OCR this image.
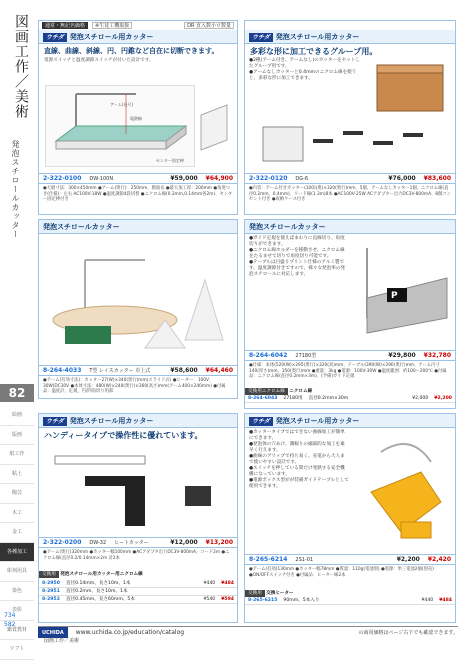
図画工作／美術
発泡スチロールカッター
82
絵画
版画
紙工作
粘土
陶芸
木工
金工
各種加工
彫刻用具
染色
表彰
鑑賞教材
ソフト
734
582
通常・無記名価格	※生徒工機取扱	DR 直入数小ロ数量
ウチダ 発泡スチロール用カッター
直線、曲線、斜線、円、円錐など自在に切断できます。
電源スイッチと温度調節スイッチが付いた設計です。
アーム(長尺)
電熱線
センター固定棒
2-322-0100 DW-100N	¥59,000 ¥64,900
●天板寸法：300×450mm ●アーム(奥行)：250mm、断面長 ●最大加工厚：200mm ●角度つき(仕様)：左右 AC100V-18W ●温度調節4段切替 ●ニクロム線(0.2mm,0.14mm各2m)、センター固定棒付き
ウチダ 発泡スチロール用カッター
多彩な形に加工できるグループ用。
●2種(アーム付き、アームなし)のカッターをセットしたグループ用です。
●アームなしカッターと0.4mmのニクロム線を使うと、多彩な形に加工できます。
2-322-0120 DG-6	¥76,000 ¥83,600
●内容：アーム付きカッター(100)(奥)×320(奥行)mm、5個、アームなしカッター1個、ニクロム線(直径0.2mm、0.4mm)、リード線(1.3m)8本 ●AC100V-25W ACアダプター出力DC3V-800mA、8個コンセント付き ●収納ケース付き
発泡スチロールカッター
8-264-4033 T型 レイスカッター 卓上式	¥58,600 ¥64,460
●アーム(有効寸法)：カッター27(W)×340(奥行)mm(スライド式) ●ヒーター：100V、30W(DC30V ●本体寸法：480(W)×240(奥行)×360(高さ)mm(アーム400×240mm) ●付属品：温度計、定規、円/四角切り用部
発泡スチロールカッター
●ガイド定規を使えばまわりに直線切り、角度切りができます。
●ニクロム線ホルダーを移動させ、ニクロム線をたるませて切りで角度切り可能です。
●テーブルは目盛りプリント仕様のアルミ製です。温度調節付きですので、様々な発泡率の発泡スチロールに対応します。
P
8-264-6042 27180型	¥29,800 ¥32,780
●仕様：本体(520(W)×295(奥行)×320(高)mm、テーブル(390(W)×290(奥行)mm、アーム内寸140(厚さ)mm、350(奥行)mm ●重量：3kg ●電源：100V-30W ●温度範囲：約100〜200℃ ●付属品：ニクロム線(直径0.2mm×3m)、(予備)ガイド定規
交換用ニクロム線 ニクロム線
8-264-6043 27180用 直径0.2mm×30m	¥2,000 ¥2,200
ウチダ 発泡スチロール用カッター
ハンディータイプで操作性に優れています。
2-322-0200 DW-32 ヒートカッター	¥12,000 ¥13,200
●アーム(奥行)320mm ●カッター幅100mm ●ACアダプタ出力DC3V-800mA、コード2m ●ニクロム線(直径0.2/0.14mm×2m 計2本
交換用 発泡スチロール用カッター用ニクロム線
8-2950 直径0.14mm、長さ10m、1本	¥440 ¥484
8-2951 直径0.2mm、長さ10m、1本
8-2952 直径0.45mm、長さ60mm、5本	¥540 ¥594
ウチダ 発泡スチロール用カッター
●カッタータイプではできない曲線加工が簡単にできます。
●発泡体の穴あけ、溝掘りの細部的な加工を素早く行えます。
●曲線のグリップで持ち易く、充電から大人まで使いやすい設計です。
●スイッチを押している間だけ発熱する安全機構になっています。
●電源ボックス型がが装備ガイドテープルとして使用できます。
8-265-6214 2S1-01	¥2,200 ¥2,420
●アーム(有効)130mm ●カッター幅78mm ●質量：110g(電池別) ●電源：単三電池2個(別売) ●ON/OFFスイッチ付き ●付属品：ヒーター線2本
交換用 交換ヒーター
8-265-6215 90mm、5本入り	¥440 ¥484
UCHIDA	www.uchida.co.jp/education/catalog	の商用価格はページ右下でも確認できます。
図画工作／美術
